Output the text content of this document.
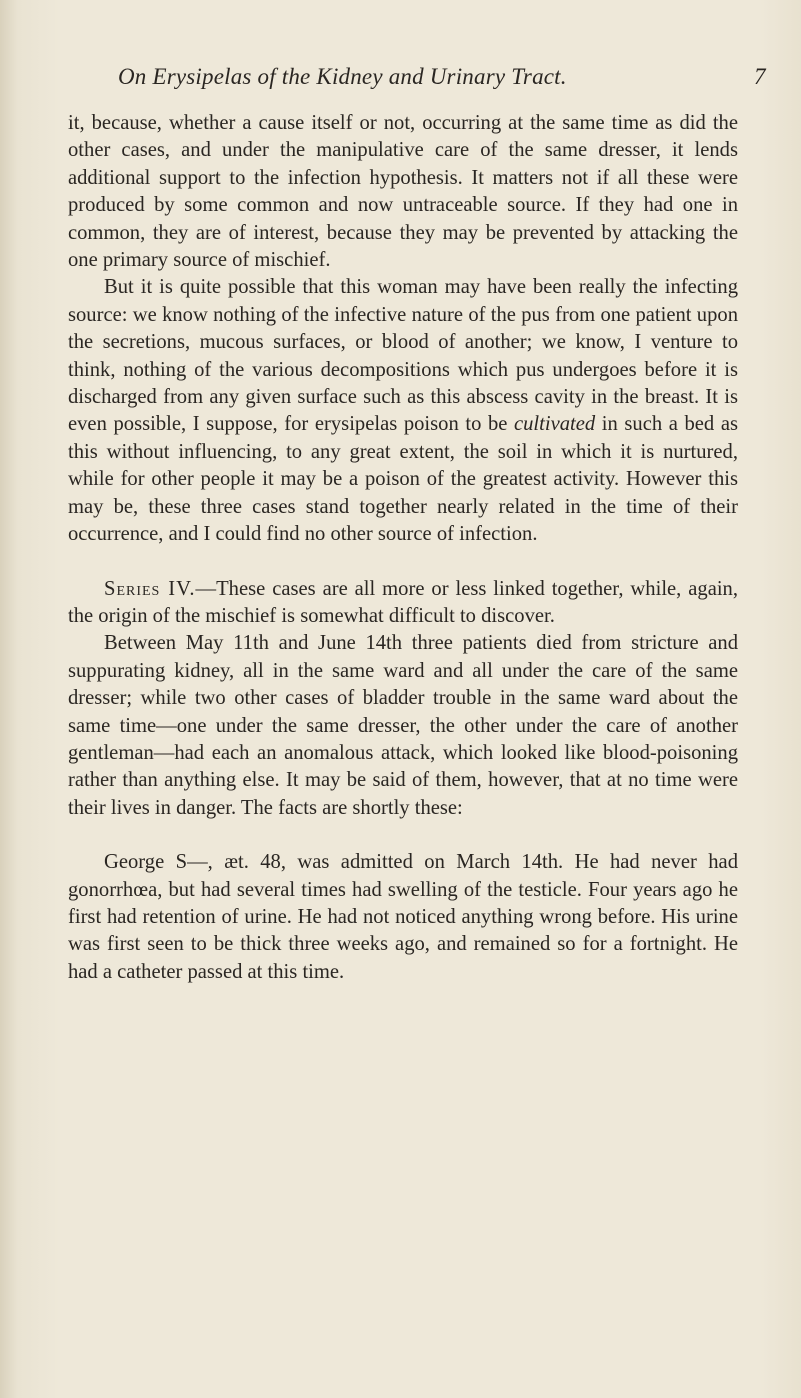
On Erysipelas of the Kidney and Urinary Tract.	7

it, because, whether a cause itself or not, occurring at the same time as did the other cases, and under the manipulative care of the same dresser, it lends additional support to the infection hypothesis. It matters not if all these were produced by some common and now untraceable source. If they had one in common, they are of interest, because they may be prevented by attacking the one primary source of mischief.

But it is quite possible that this woman may have been really the infecting source: we know nothing of the infective nature of the pus from one patient upon the secretions, mucous surfaces, or blood of another; we know, I venture to think, nothing of the various decompositions which pus undergoes before it is discharged from any given surface such as this abscess cavity in the breast. It is even possible, I suppose, for erysipelas poison to be cultivated in such a bed as this without influencing, to any great extent, the soil in which it is nurtured, while for other people it may be a poison of the greatest activity. However this may be, these three cases stand together nearly related in the time of their occurrence, and I could find no other source of infection.

Series IV.—These cases are all more or less linked together, while, again, the origin of the mischief is somewhat difficult to discover.

Between May 11th and June 14th three patients died from stricture and suppurating kidney, all in the same ward and all under the care of the same dresser; while two other cases of bladder trouble in the same ward about the same time—one under the same dresser, the other under the care of another gentleman—had each an anomalous attack, which looked like blood-poisoning rather than anything else. It may be said of them, however, that at no time were their lives in danger. The facts are shortly these:

George S—, æt. 48, was admitted on March 14th. He had never had gonorrhœa, but had several times had swelling of the testicle. Four years ago he first had retention of urine. He had not noticed anything wrong before. His urine was first seen to be thick three weeks ago, and remained so for a fortnight. He had a catheter passed at this time.
